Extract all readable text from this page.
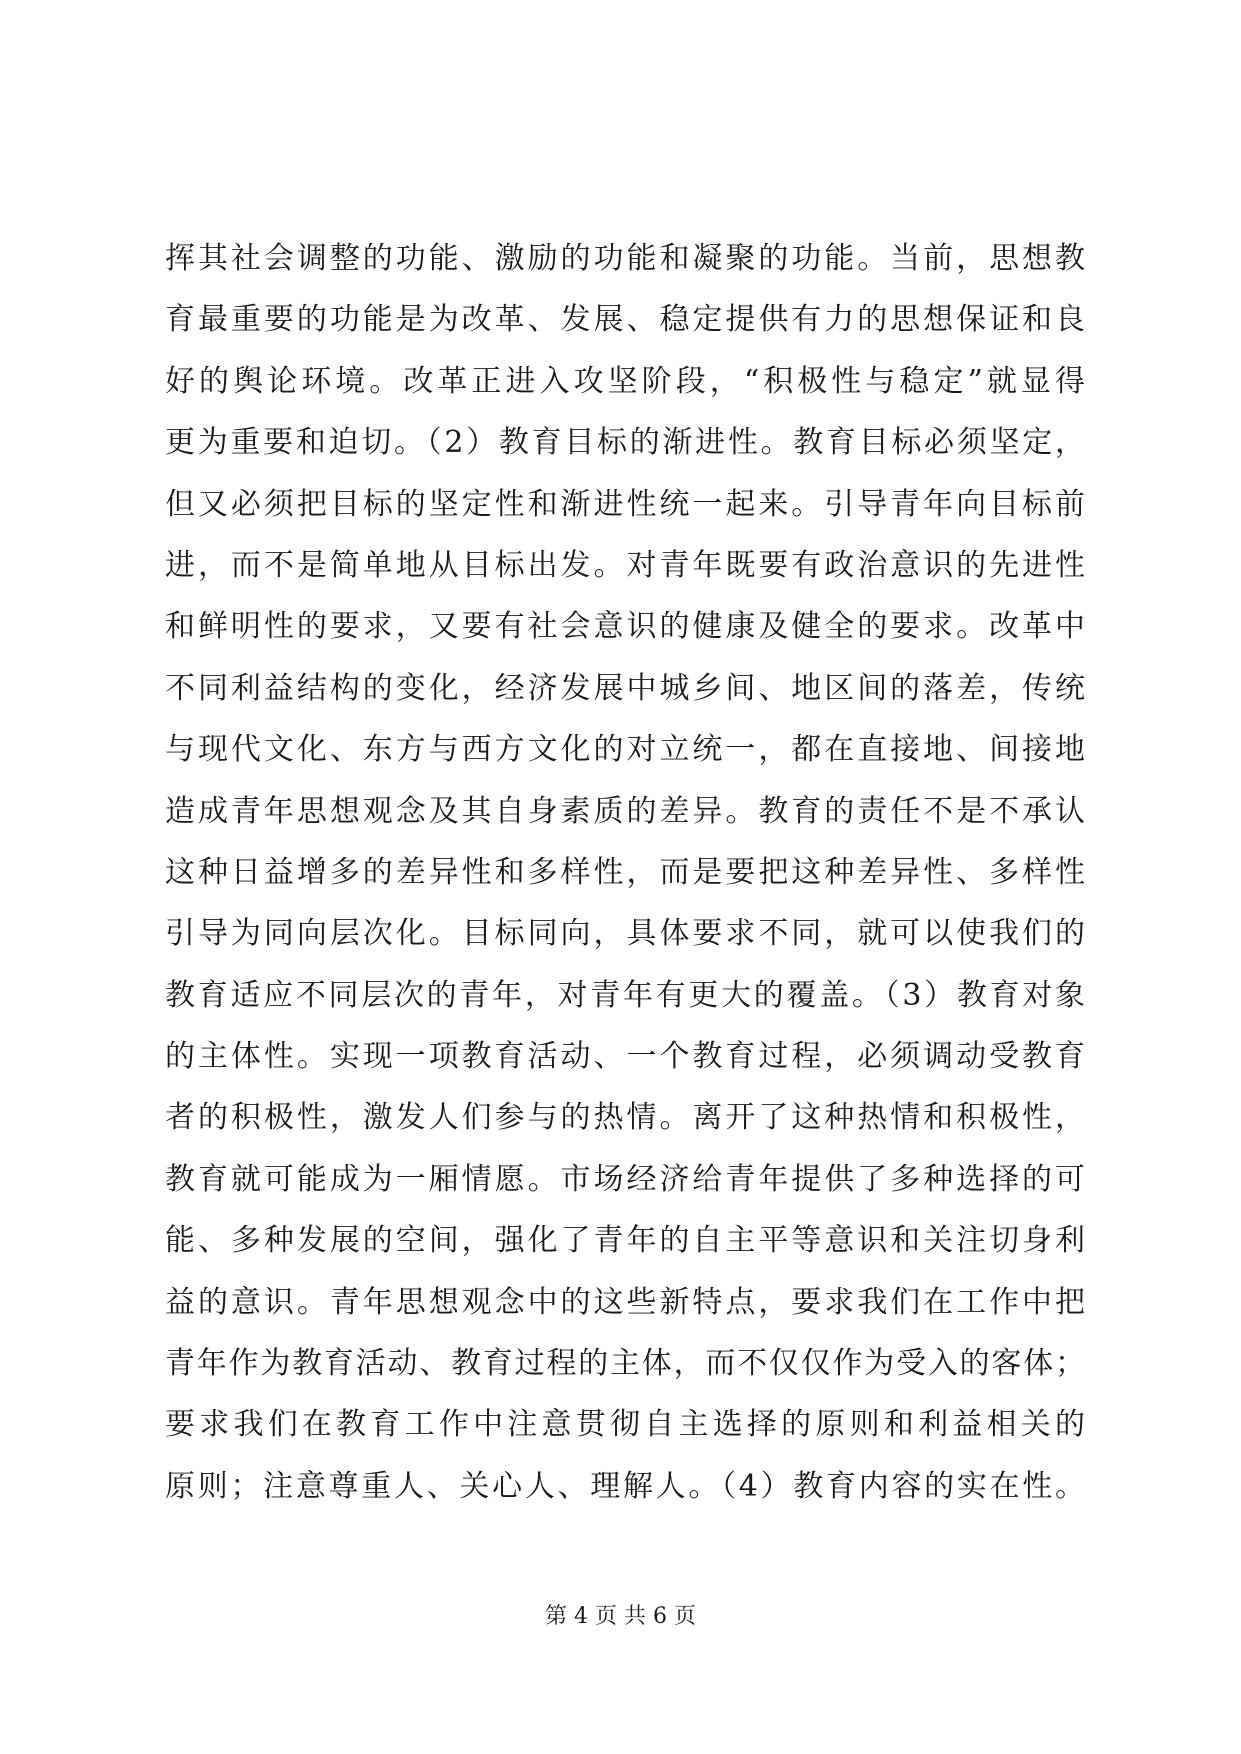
挥其社会调整的功能、激励的功能和凝聚的功能。当前，思想教
育最重要的功能是为改革、发展、稳定提供有力的思想保证和良
好的舆论环境。改革正进入攻坚阶段，“积极性与稳定”就显得
更为重要和迫切。（2）教育目标的渐进性。教育目标必须坚定，
但又必须把目标的坚定性和渐进性统一起来。引导青年向目标前
进，而不是简单地从目标出发。对青年既要有政治意识的先进性
和鲜明性的要求，又要有社会意识的健康及健全的要求。改革中
不同利益结构的变化，经济发展中城乡间、地区间的落差，传统
与现代文化、东方与西方文化的对立统一，都在直接地、间接地
造成青年思想观念及其自身素质的差异。教育的责任不是不承认
这种日益增多的差异性和多样性，而是要把这种差异性、多样性
引导为同向层次化。目标同向，具体要求不同，就可以使我们的
教育适应不同层次的青年，对青年有更大的覆盖。（3）教育对象
的主体性。实现一项教育活动、一个教育过程，必须调动受教育
者的积极性，激发人们参与的热情。离开了这种热情和积极性，
教育就可能成为一厢情愿。市场经济给青年提供了多种选择的可
能、多种发展的空间，强化了青年的自主平等意识和关注切身利
益的意识。青年思想观念中的这些新特点，要求我们在工作中把
青年作为教育活动、教育过程的主体，而不仅仅作为受入的客体；
要求我们在教育工作中注意贯彻自主选择的原则和利益相关的
原则；注意尊重人、关心人、理解人。（4）教育内容的实在性。
第 4 页 共 6 页
